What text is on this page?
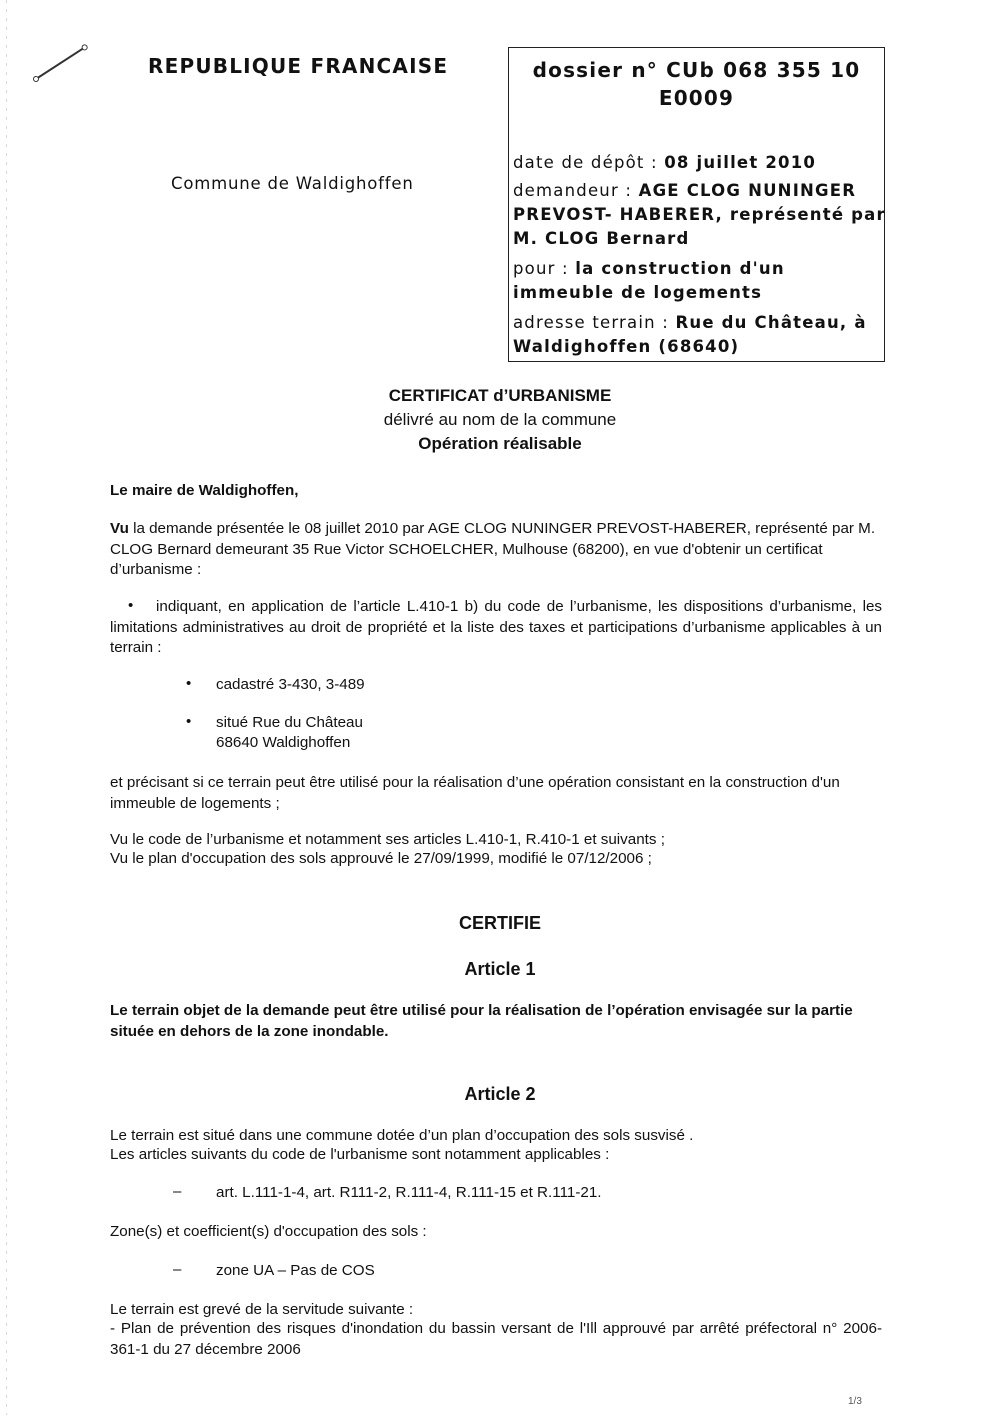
REPUBLIQUE FRANCAISE
Commune de Waldighoffen
dossier n° CUb 068 355 10
E0009
date de dépôt : 08 juillet 2010
demandeur : AGE CLOG NUNINGER
PREVOST- HABERER, représenté par
M. CLOG Bernard
pour : la construction d'un
immeuble de logements
adresse terrain : Rue du Château, à
Waldighoffen (68640)
CERTIFICAT d’URBANISME
délivré au nom de la commune
Opération réalisable
Le maire de Waldighoffen,
Vu la demande présentée le 08 juillet 2010 par AGE CLOG NUNINGER PREVOST-HABERER, représenté par M. CLOG Bernard demeurant 35 Rue Victor SCHOELCHER, Mulhouse (68200), en vue d'obtenir un certificat d’urbanisme :
•	indiquant, en application de l’article L.410-1 b) du code de l’urbanisme, les dispositions d’urbanisme, les limitations administratives au droit de propriété et la liste des taxes et participations d’urbanisme applicables à un terrain :
• cadastré 3-430, 3-489
• situé Rue du Château
68640 Waldighoffen
et précisant si ce terrain peut être utilisé pour la réalisation d’une opération consistant en la construction d'un immeuble de logements ;
Vu le code de l’urbanisme et notamment ses articles L.410-1, R.410-1 et suivants ;
Vu le plan d'occupation des sols approuvé le 27/09/1999, modifié le 07/12/2006 ;
CERTIFIE
Article 1
Le terrain objet de la demande peut être utilisé pour la réalisation de l’opération envisagée sur la partie située en dehors de la zone inondable.
Article 2
Le terrain est situé dans une commune dotée d’un plan d’occupation des sols susvisé .
Les articles suivants du code de l'urbanisme sont notamment applicables :
–	art. L.111-1-4, art. R111-2, R.111-4, R.111-15 et R.111-21.
Zone(s) et coefficient(s) d'occupation des sols :
– zone UA – Pas de COS
Le terrain est grevé de la servitude suivante :
- Plan de prévention des risques d'inondation du bassin versant de l'Ill approuvé par arrêté préfectoral n° 2006-361-1 du 27 décembre 2006
1/3
